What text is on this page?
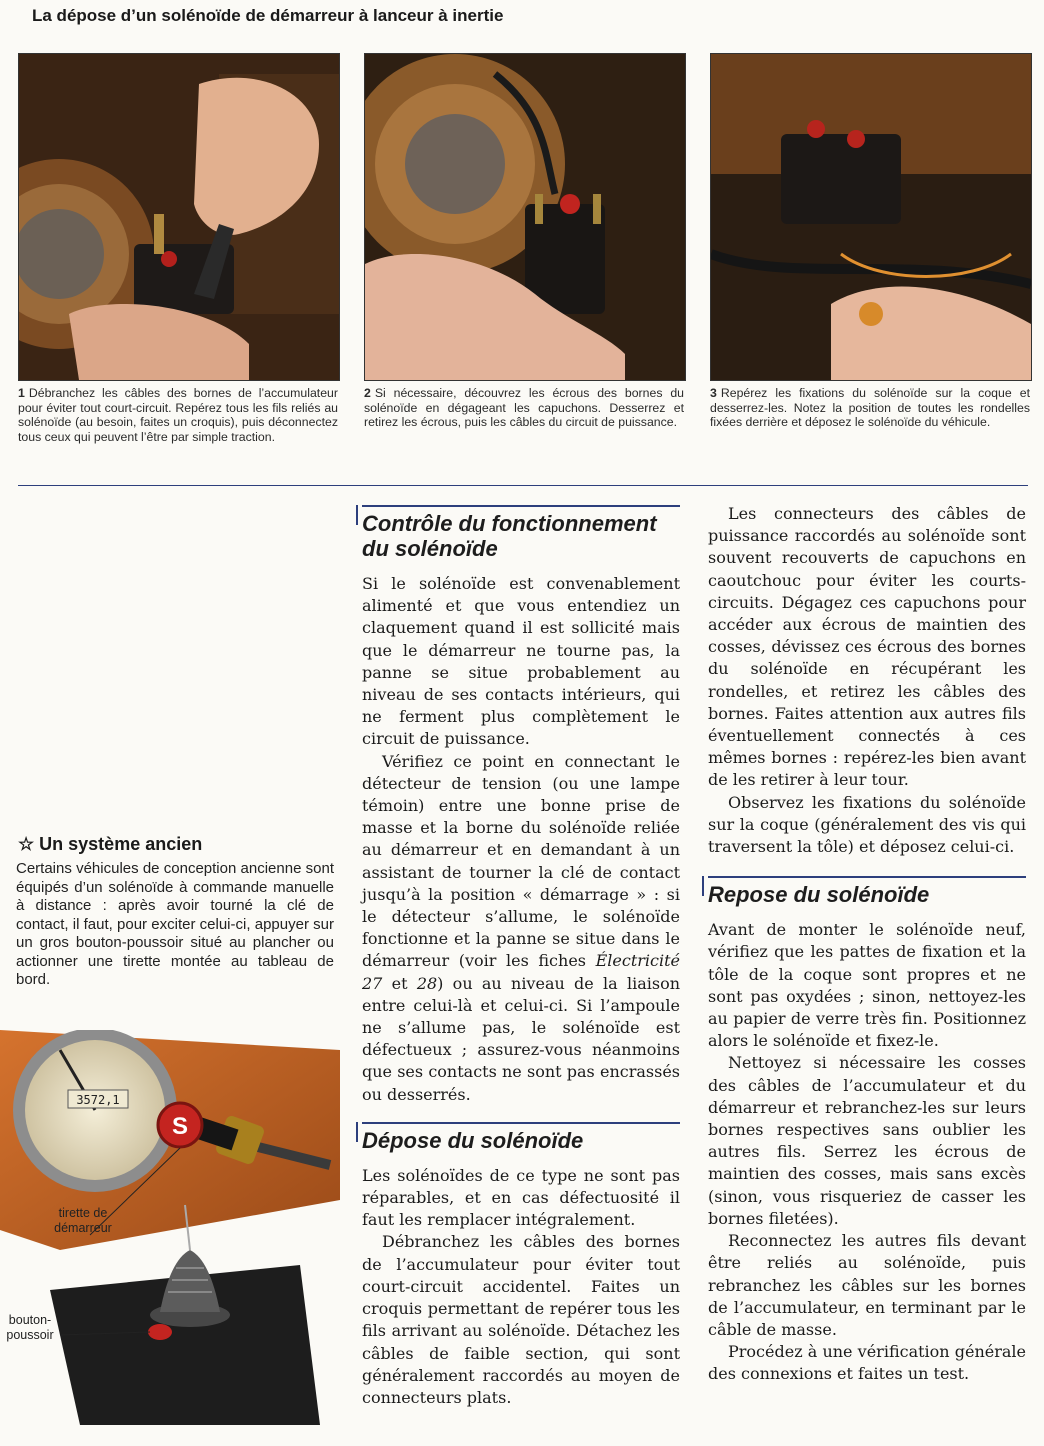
La dépose d’un solénoïde de démarreur à lanceur à inertie
1 Débranchez les câbles des bornes de l’accumulateur pour éviter tout court-circuit. Repérez tous les fils reliés au solénoïde (au besoin, faites un croquis), puis déconnectez tous ceux qui peuvent l’être par simple traction.
2 Si nécessaire, découvrez les écrous des bornes du solénoïde en dégageant les capuchons. Desserrez et retirez les écrous, puis les câbles du circuit de puissance.
3 Repérez les fixations du solénoïde sur la coque et desserrez-les. Notez la position de toutes les rondelles fixées derrière et déposez le solénoïde du véhicule.
☆ Un système ancien
Certains véhicules de conception ancienne sont équipés d’un solénoïde à commande manuelle à distance : après avoir tourné la clé de contact, il faut, pour exciter celui-ci, appuyer sur un gros bouton-poussoir situé au plancher ou actionner une tirette montée au tableau de bord.
3572,1
S
tirette de démarreur
bouton-poussoir
Contrôle du fonctionnement
du solénoïde

Si le solénoïde est convenablement alimenté et que vous entendiez un claquement quand il est sollicité mais que le démarreur ne tourne pas, la panne se situe probablement au niveau de ses contacts intérieurs, qui ne ferment plus complètement le circuit de puissance.

Vérifiez ce point en connectant le détecteur de tension (ou une lampe témoin) entre une bonne prise de masse et la borne du solénoïde reliée au démarreur et en demandant à un assistant de tourner la clé de contact jusqu’à la position « démarrage » : si le détecteur s’allume, le solénoïde fonctionne et la panne se situe dans le démarreur (voir les fiches Électricité 27 et 28) ou au niveau de la liaison entre celui-là et celui-ci. Si l’ampoule ne s’allume pas, le solénoïde est défectueux ; assurez-vous néanmoins que ses contacts ne sont pas encrassés ou desserrés.

Dépose du solénoïde

Les solénoïdes de ce type ne sont pas réparables, et en cas défectuosité il faut les remplacer intégralement.

Débranchez les câbles des bornes de l’accumulateur pour éviter tout court-circuit accidentel. Faites un croquis permettant de repérer tous les fils arrivant au solénoïde. Détachez les câbles de faible section, qui sont généralement raccordés au moyen de connecteurs plats.

Les connecteurs des câbles de puissance raccordés au solénoïde sont souvent recouverts de capuchons en caoutchouc pour éviter les courts-circuits. Dégagez ces capuchons pour accéder aux écrous de maintien des cosses, dévissez ces écrous des bornes du solénoïde en récupérant les rondelles, et retirez les câbles des bornes. Faites attention aux autres fils éventuellement connectés à ces mêmes bornes : repérez-les bien avant de les retirer à leur tour.

Observez les fixations du solénoïde sur la coque (généralement des vis qui traversent la tôle) et déposez celui-ci.

Repose du solénoïde

Avant de monter le solénoïde neuf, vérifiez que les pattes de fixation et la tôle de la coque sont propres et ne sont pas oxydées ; sinon, nettoyez-les au papier de verre très fin. Positionnez alors le solénoïde et fixez-le.

Nettoyez si nécessaire les cosses des câbles de l’accumulateur et du démarreur et rebranchez-les sur leurs bornes respectives sans oublier les autres fils. Serrez les écrous de maintien des cosses, mais sans excès (sinon, vous risqueriez de casser les bornes filetées).

Reconnectez les autres fils devant être reliés au solénoïde, puis rebranchez les câbles sur les bornes de l’accumulateur, en terminant par le câble de masse.

Procédez à une vérification générale des connexions et faites un test.
